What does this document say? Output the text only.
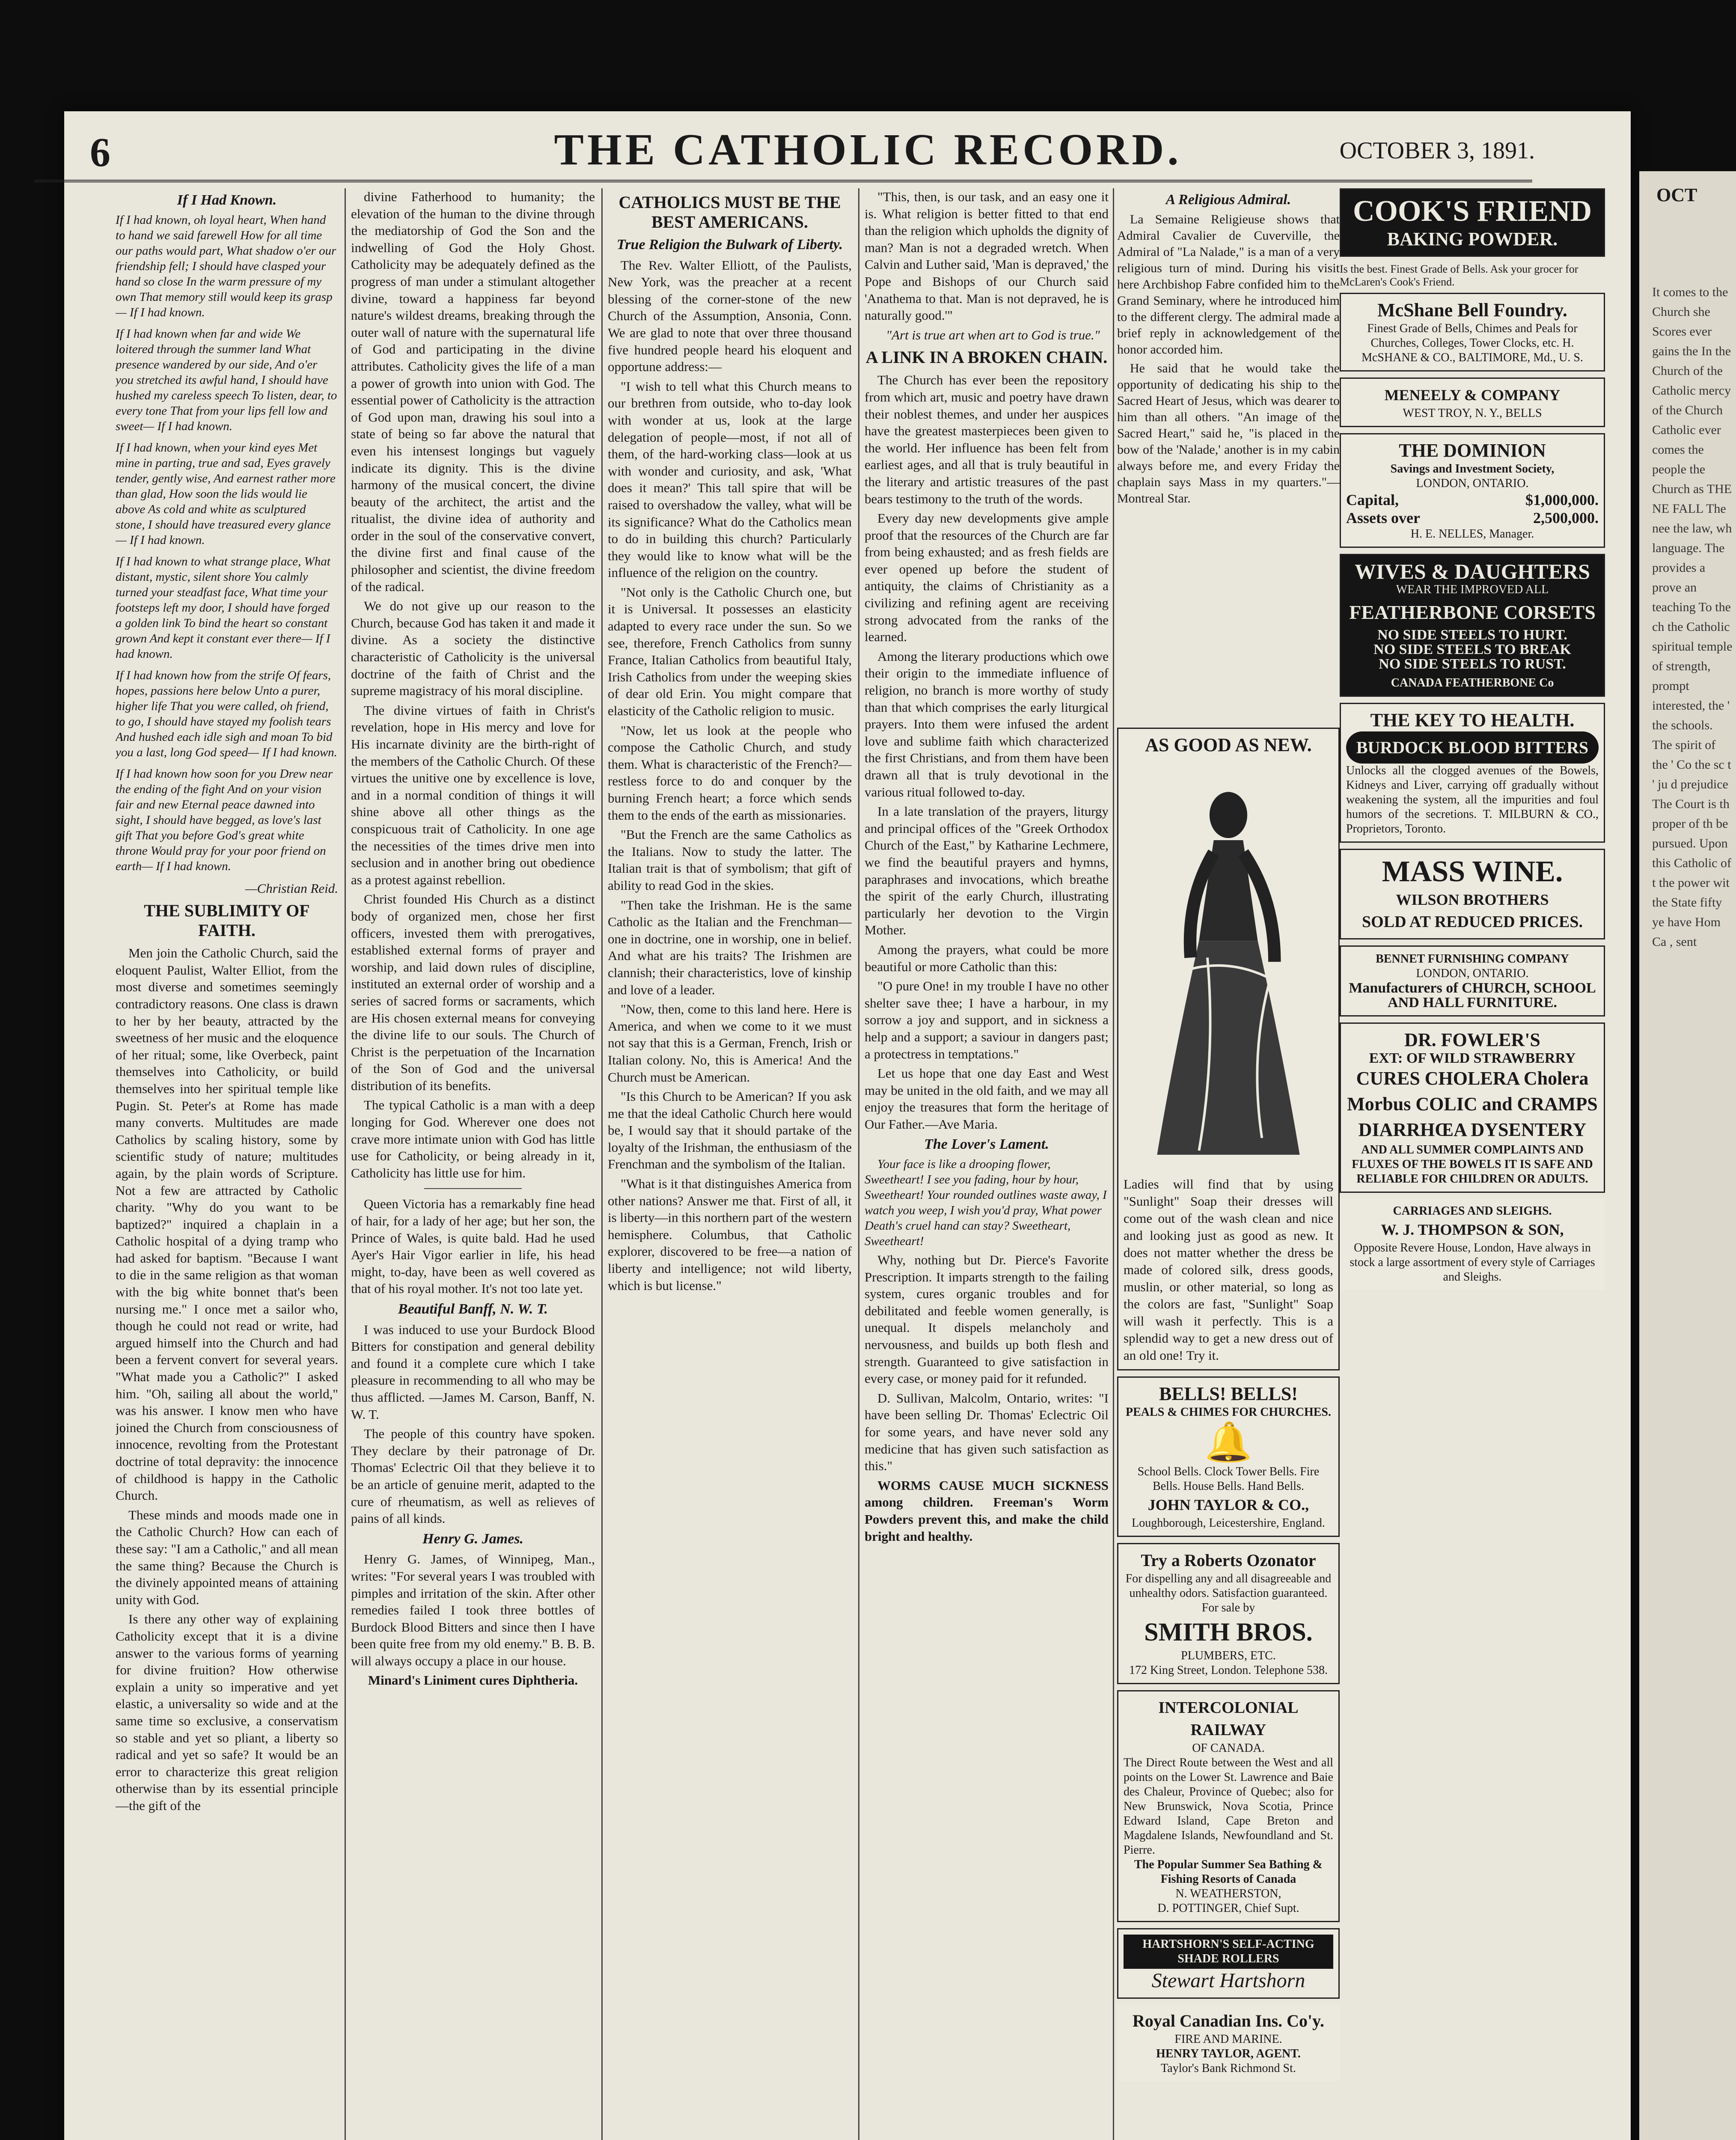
OCT
It comes to the Church she Scores ever gains the In the Church of the Catholic mercy of the Church Catholic ever comes the people the Church as THE NE FALL The nee the law, wh language. The provides a prove an teaching To the ch the Catholic spiritual temple of strength, prompt interested, the ' the schools. The spirit of the ' Co the sc t ' ju d prejudice The Court is th proper of th be pursued. Upon this Catholic of t the power wit the State fifty ye have Hom Ca , sent
6	THE CATHOLIC RECORD.	OCTOBER 3, 1891.
If I Had Known.

If I had known, oh loyal heart, When hand to hand we said farewell How for all time our paths would part, What shadow o'er our friendship fell; I should have clasped your hand so close In the warm pressure of my own That memory still would keep its grasp— If I had known.

If I had known when far and wide We loitered through the summer land What presence wandered by our side, And o'er you stretched its awful hand, I should have hushed my careless speech To listen, dear, to every tone That from your lips fell low and sweet— If I had known.

If I had known, when your kind eyes Met mine in parting, true and sad, Eyes gravely tender, gently wise, And earnest rather more than glad, How soon the lids would lie above As cold and white as sculptured stone, I should have treasured every glance— If I had known.

If I had known to what strange place, What distant, mystic, silent shore You calmly turned your steadfast face, What time your footsteps left my door, I should have forged a golden link To bind the heart so constant grown And kept it constant ever there— If I had known.

If I had known how from the strife Of fears, hopes, passions here below Unto a purer, higher life That you were called, oh friend, to go, I should have stayed my foolish tears And hushed each idle sigh and moan To bid you a last, long God speed— If I had known.

If I had known how soon for you Drew near the ending of the fight And on your vision fair and new Eternal peace dawned into sight, I should have begged, as love's last gift That you before God's great white throne Would pray for your poor friend on earth— If I had known.

—Christian Reid.
THE SUBLIMITY OF FAITH.

Men join the Catholic Church, said the eloquent Paulist, Walter Elliot, from the most diverse and sometimes seemingly contradictory reasons. One class is drawn to her by her beauty, attracted by the sweetness of her music and the eloquence of her ritual; some, like Overbeck, paint themselves into Catholicity, or build themselves into her spiritual temple like Pugin. St. Peter's at Rome has made many converts. Multitudes are made Catholics by scaling history, some by scientific study of nature; multitudes again, by the plain words of Scripture. Not a few are attracted by Catholic charity. "Why do you want to be baptized?" inquired a chaplain in a Catholic hospital of a dying tramp who had asked for baptism. "Because I want to die in the same religion as that woman with the big white bonnet that's been nursing me." I once met a sailor who, though he could not read or write, had argued himself into the Church and had been a fervent convert for several years. "What made you a Catholic?" I asked him. "Oh, sailing all about the world," was his answer. I know men who have joined the Church from consciousness of innocence, revolting from the Protestant doctrine of total depravity: the innocence of childhood is happy in the Catholic Church.

These minds and moods made one in the Catholic Church? How can each of these say: "I am a Catholic," and all mean the same thing? Because the Church is the divinely appointed means of attaining unity with God.

Is there any other way of explaining Catholicity except that it is a divine answer to the various forms of yearning for divine fruition? How otherwise explain a unity so imperative and yet elastic, a universality so wide and at the same time so exclusive, a conservatism so stable and yet so pliant, a liberty so radical and yet so safe? It would be an error to characterize this great religion otherwise than by its essential principle—the gift of the

divine Fatherhood to humanity; the elevation of the human to the divine through the mediatorship of God the Son and the indwelling of God the Holy Ghost. Catholicity may be adequately defined as the progress of man under a stimulant altogether divine, toward a happiness far beyond nature's wildest dreams, breaking through the outer wall of nature with the supernatural life of God and participating in the divine attributes. Catholicity gives the life of a man a power of growth into union with God. The essential power of Catholicity is the attraction of God upon man, drawing his soul into a state of being so far above the natural that even his intensest longings but vaguely indicate its dignity. This is the divine harmony of the musical concert, the divine beauty of the architect, the artist and the ritualist, the divine idea of authority and order in the soul of the conservative convert, the divine first and final cause of the philosopher and scientist, the divine freedom of the radical.

We do not give up our reason to the Church, because God has taken it and made it divine. As a society the distinctive characteristic of Catholicity is the universal doctrine of the faith of Christ and the supreme magistracy of his moral discipline.

The divine virtues of faith in Christ's revelation, hope in His mercy and love for His incarnate divinity are the birth-right of the members of the Catholic Church. Of these virtues the unitive one by excellence is love, and in a normal condition of things it will shine above all other things as the conspicuous trait of Catholicity. In one age the necessities of the times drive men into seclusion and in another bring out obedience as a protest against rebellion.

Christ founded His Church as a distinct body of organized men, chose her first officers, invested them with prerogatives, established external forms of prayer and worship, and laid down rules of discipline, instituted an external order of worship and a series of sacred forms or sacraments, which are His chosen external means for conveying the divine life to our souls. The Church of Christ is the perpetuation of the Incarnation of the Son of God and the universal distribution of its benefits.

The typical Catholic is a man with a deep longing for God. Wherever one does not crave more intimate union with God has little use for Catholicity, or being already in it, Catholicity has little use for him.

Queen Victoria has a remarkably fine head of hair, for a lady of her age; but her son, the Prince of Wales, is quite bald. Had he used Ayer's Hair Vigor earlier in life, his head might, to-day, have been as well covered as that of his royal mother. It's not too late yet.

Beautiful Banff, N. W. T.

I was induced to use your Burdock Blood Bitters for constipation and general debility and found it a complete cure which I take pleasure in recommending to all who may be thus afflicted. —James M. Carson, Banff, N. W. T.

The people of this country have spoken. They declare by their patronage of Dr. Thomas' Eclectric Oil that they believe it to be an article of genuine merit, adapted to the cure of rheumatism, as well as relieves of pains of all kinds.

Henry G. James.

Henry G. James, of Winnipeg, Man., writes: "For several years I was troubled with pimples and irritation of the skin. After other remedies failed I took three bottles of Burdock Blood Bitters and since then I have been quite free from my old enemy." B. B. B. will always occupy a place in our house.

Minard's Liniment cures Diphtheria.
CATHOLICS MUST BE THE BEST AMERICANS.
True Religion the Bulwark of Liberty.

The Rev. Walter Elliott, of the Paulists, New York, was the preacher at a recent blessing of the corner-stone of the new Church of the Assumption, Ansonia, Conn. We are glad to note that over three thousand five hundred people heard his eloquent and opportune address:—

"I wish to tell what this Church means to our brethren from outside, who to-day look with wonder at us, look at the large delegation of people—most, if not all of them, of the hard-working class—look at us with wonder and curiosity, and ask, 'What does it mean?' This tall spire that will be raised to overshadow the valley, what will be its significance? What do the Catholics mean to do in building this church? Particularly they would like to know what will be the influence of the religion on the country.

"Not only is the Catholic Church one, but it is Universal. It possesses an elasticity adapted to every race under the sun. So we see, therefore, French Catholics from sunny France, Italian Catholics from beautiful Italy, Irish Catholics from under the weeping skies of dear old Erin. You might compare that elasticity of the Catholic religion to music.

"Now, let us look at the people who compose the Catholic Church, and study them. What is characteristic of the French?—restless force to do and conquer by the burning French heart; a force which sends them to the ends of the earth as missionaries.

"But the French are the same Catholics as the Italians. Now to study the latter. The Italian trait is that of symbolism; that gift of ability to read God in the skies.

"Then take the Irishman. He is the same Catholic as the Italian and the Frenchman—one in doctrine, one in worship, one in belief. And what are his traits? The Irishmen are clannish; their characteristics, love of kinship and love of a leader.

"Now, then, come to this land here. Here is America, and when we come to it we must not say that this is a German, French, Irish or Italian colony. No, this is America! And the Church must be American.

"Is this Church to be American? If you ask me that the ideal Catholic Church here would be, I would say that it should partake of the loyalty of the Irishman, the enthusiasm of the Frenchman and the symbolism of the Italian.

"What is it that distinguishes America from other nations? Answer me that. First of all, it is liberty—in this northern part of the western hemisphere. Columbus, that Catholic explorer, discovered to be free—a nation of liberty and intelligence; not wild liberty, which is but license."

"This, then, is our task, and an easy one it is. What religion is better fitted to that end than the religion which upholds the dignity of man? Man is not a degraded wretch. When Calvin and Luther said, 'Man is depraved,' the Pope and Bishops of our Church said 'Anathema to that. Man is not depraved, he is naturally good.'"

"Art is true art when art to God is true."

A LINK IN A BROKEN CHAIN.

The Church has ever been the repository from which art, music and poetry have drawn their noblest themes, and under her auspices have the greatest masterpieces been given to the world. Her influence has been felt from earliest ages, and all that is truly beautiful in the literary and artistic treasures of the past bears testimony to the truth of the words.

Every day new developments give ample proof that the resources of the Church are far from being exhausted; and as fresh fields are ever opened up before the student of antiquity, the claims of Christianity as a civilizing and refining agent are receiving strong advocated from the ranks of the learned.

Among the literary productions which owe their origin to the immediate influence of religion, no branch is more worthy of study than that which comprises the early liturgical prayers. Into them were infused the ardent love and sublime faith which characterized the first Christians, and from them have been drawn all that is truly devotional in the various ritual followed to-day.

In a late translation of the prayers, liturgy and principal offices of the "Greek Orthodox Church of the East," by Katharine Lechmere, we find the beautiful prayers and hymns, paraphrases and invocations, which breathe the spirit of the early Church, illustrating particularly her devotion to the Virgin Mother.

Among the prayers, what could be more beautiful or more Catholic than this:

"O pure One! in my trouble I have no other shelter save thee; I have a harbour, in my sorrow a joy and support, and in sickness a help and a support; a saviour in dangers past; a protectress in temptations."

Let us hope that one day East and West may be united in the old faith, and we may all enjoy the treasures that form the heritage of Our Father.—Ave Maria.

The Lover's Lament.

Your face is like a drooping flower, Sweetheart! I see you fading, hour by hour, Sweetheart! Your rounded outlines waste away, I watch you weep, I wish you'd pray, What power Death's cruel hand can stay? Sweetheart, Sweetheart!

Why, nothing but Dr. Pierce's Favorite Prescription. It imparts strength to the failing system, cures organic troubles and for debilitated and feeble women generally, is unequal. It dispels melancholy and nervousness, and builds up both flesh and strength. Guaranteed to give satisfaction in every case, or money paid for it refunded.

D. Sullivan, Malcolm, Ontario, writes: "I have been selling Dr. Thomas' Eclectric Oil for some years, and have never sold any medicine that has given such satisfaction as this."

WORMS CAUSE MUCH SICKNESS among children. Freeman's Worm Powders prevent this, and make the child bright and healthy.

A Religious Admiral.

La Semaine Religieuse shows that Admiral Cavalier de Cuverville, the Admiral of "La Nalade," is a man of a very religious turn of mind. During his visit here Archbishop Fabre confided him to the Grand Seminary, where he introduced him to the different clergy. The admiral made a brief reply in acknowledgement of the honor accorded him.

He said that he would take the opportunity of dedicating his ship to the Sacred Heart of Jesus, which was dearer to him than all others. "An image of the Sacred Heart," said he, "is placed in the bow of the 'Nalade,' another is in my cabin always before me, and every Friday the chaplain says Mass in my quarters."—Montreal Star.

AS GOOD AS NEW.
Ladies will find that by using "Sunlight" Soap their dresses will come out of the wash clean and nice and looking just as good as new. It does not matter whether the dress be made of colored silk, dress goods, muslin, or other material, so long as the colors are fast, "Sunlight" Soap will wash it perfectly. This is a splendid way to get a new dress out of an old one! Try it.
BELLS! BELLS!
PEALS & CHIMES FOR CHURCHES.
🔔
School Bells. Clock Tower Bells. Fire Bells. House Bells. Hand Bells.
JOHN TAYLOR & CO.,
Loughborough, Leicestershire, England.
Try a Roberts Ozonator
For dispelling any and all disagreeable and unhealthy odors. Satisfaction guaranteed. For sale by
SMITH BROS.
PLUMBERS, ETC.
172 King Street, London. Telephone 538.
INTERCOLONIAL RAILWAY
OF CANADA.
The Direct Route between the West and all points on the Lower St. Lawrence and Baie des Chaleur, Province of Quebec; also for New Brunswick, Nova Scotia, Prince Edward Island, Cape Breton and Magdalene Islands, Newfoundland and St. Pierre.
The Popular Summer Sea Bathing & Fishing Resorts of Canada
N. WEATHERSTON,
D. POTTINGER, Chief Supt.
HARTSHORN'S SELF-ACTING SHADE ROLLERS
Stewart Hartshorn
Royal Canadian Ins. Co'y.
FIRE AND MARINE.
HENRY TAYLOR, AGENT.
Taylor's Bank Richmond St.
COOK'S FRIEND
BAKING POWDER.
Is the best. Finest Grade of Bells. Ask your grocer for McLaren's Cook's Friend.
McShane Bell Foundry.
Finest Grade of Bells, Chimes and Peals for Churches, Colleges, Tower Clocks, etc. H. McSHANE & CO., BALTIMORE, Md., U. S.
MENEELY & COMPANY
WEST TROY, N. Y., BELLS
THE DOMINION
Savings and Investment Society,
LONDON, ONTARIO.
Capital,	$1,000,000.
Assets over	2,500,000.
H. E. NELLES, Manager.
WIVES & DAUGHTERS
WEAR THE IMPROVED ALL
FEATHERBONE CORSETS
NO SIDE STEELS TO HURT.
NO SIDE STEELS TO BREAK
NO SIDE STEELS TO RUST.
CANADA FEATHERBONE Co
THE KEY TO HEALTH.
BURDOCK BLOOD BITTERS
Unlocks all the clogged avenues of the Bowels, Kidneys and Liver, carrying off gradually without weakening the system, all the impurities and foul humors of the secretions. T. MILBURN & CO., Proprietors, Toronto.
MASS WINE.
WILSON BROTHERS
SOLD AT REDUCED PRICES.
BENNET FURNISHING COMPANY
LONDON, ONTARIO.
Manufacturers of CHURCH, SCHOOL AND HALL FURNITURE.
DR. FOWLER'S
EXT: OF WILD STRAWBERRY
CURES CHOLERA Cholera Morbus COLIC and CRAMPS DIARRHŒA DYSENTERY
AND ALL SUMMER COMPLAINTS AND FLUXES OF THE BOWELS IT IS SAFE AND RELIABLE FOR CHILDREN OR ADULTS.
CARRIAGES AND SLEIGHS.
W. J. THOMPSON & SON,
Opposite Revere House, London, Have always in stock a large assortment of every style of Carriages and Sleighs.
